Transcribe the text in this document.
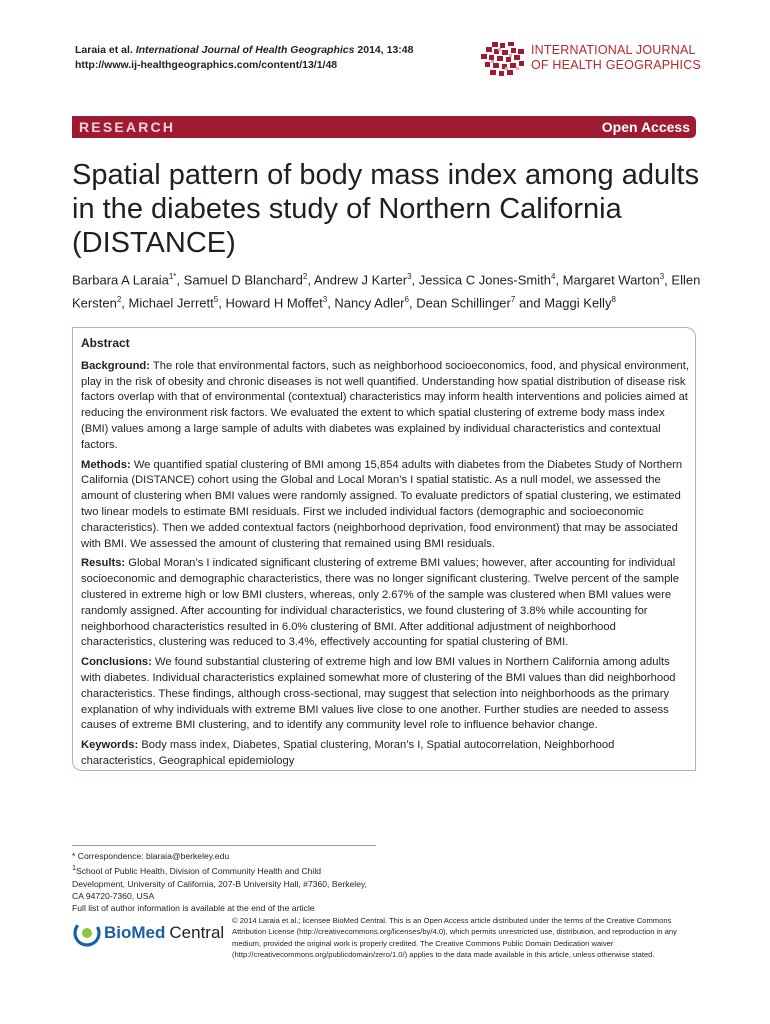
Laraia et al. International Journal of Health Geographics 2014, 13:48
http://www.ij-healthgeographics.com/content/13/1/48
INTERNATIONAL JOURNAL
OF HEALTH GEOGRAPHICS
RESEARCH	Open Access
Spatial pattern of body mass index among adults in the diabetes study of Northern California (DISTANCE)
Barbara A Laraia$^{1*}$, Samuel D Blanchard$^2$, Andrew J Karter$^3$, Jessica C Jones-Smith$^4$, Margaret Warton$^3$, Ellen Kersten$^2$, Michael Jerrett$^5$, Howard H Moffet$^3$, Nancy Adler$^6$, Dean Schillinger$^7$ and Maggi Kelly$^8$
Abstract

Background: The role that environmental factors, such as neighborhood socioeconomics, food, and physical environment, play in the risk of obesity and chronic diseases is not well quantified. Understanding how spatial distribution of disease risk factors overlap with that of environmental (contextual) characteristics may inform health interventions and policies aimed at reducing the environment risk factors. We evaluated the extent to which spatial clustering of extreme body mass index (BMI) values among a large sample of adults with diabetes was explained by individual characteristics and contextual factors.

Methods: We quantified spatial clustering of BMI among 15,854 adults with diabetes from the Diabetes Study of Northern California (DISTANCE) cohort using the Global and Local Moran’s I spatial statistic. As a null model, we assessed the amount of clustering when BMI values were randomly assigned. To evaluate predictors of spatial clustering, we estimated two linear models to estimate BMI residuals. First we included individual factors (demographic and socioeconomic characteristics). Then we added contextual factors (neighborhood deprivation, food environment) that may be associated with BMI. We assessed the amount of clustering that remained using BMI residuals.

Results: Global Moran’s I indicated significant clustering of extreme BMI values; however, after accounting for individual socioeconomic and demographic characteristics, there was no longer significant clustering. Twelve percent of the sample clustered in extreme high or low BMI clusters, whereas, only 2.67% of the sample was clustered when BMI values were randomly assigned. After accounting for individual characteristics, we found clustering of 3.8% while accounting for neighborhood characteristics resulted in 6.0% clustering of BMI. After additional adjustment of neighborhood characteristics, clustering was reduced to 3.4%, effectively accounting for spatial clustering of BMI.

Conclusions: We found substantial clustering of extreme high and low BMI values in Northern California among adults with diabetes. Individual characteristics explained somewhat more of clustering of the BMI values than did neighborhood characteristics. These findings, although cross-sectional, may suggest that selection into neighborhoods as the primary explanation of why individuals with extreme BMI values live close to one another. Further studies are needed to assess causes of extreme BMI clustering, and to identify any community level role to influence behavior change.

Keywords: Body mass index, Diabetes, Spatial clustering, Moran’s I, Spatial autocorrelation, Neighborhood characteristics, Geographical epidemiology

* Correspondence: blaraia@berkeley.edu

$^1$School of Public Health, Division of Community Health and Child

Development, University of California, 207-B University Hall, #7360, Berkeley,

CA 94720-7360, USA

Full list of author information is available at the end of the article

BioMed Central
© 2014 Laraia et al.; licensee BioMed Central. This is an Open Access article distributed under the terms of the Creative Commons Attribution License (http://creativecommons.org/licenses/by/4.0), which permits unrestricted use, distribution, and reproduction in any medium, provided the original work is properly credited. The Creative Commons Public Domain Dedication waiver (http://creativecommons.org/publicdomain/zero/1.0/) applies to the data made available in this article, unless otherwise stated.
